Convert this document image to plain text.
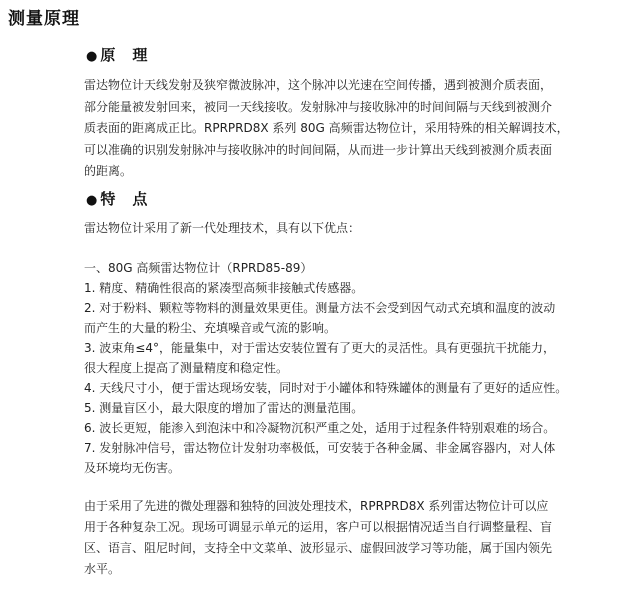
测量原理
● 原　理
雷达物位计天线发射及狭窄微波脉冲，这个脉冲以光速在空间传播，遇到被测介质表面，
部分能量被发射回来，被同一天线接收。发射脉冲与接收脉冲的时间间隔与天线到被测介
质表面的距离成正比。RPRPRD8X 系列 80G 高频雷达物位计，采用特殊的相关解调技术，
可以准确的识别发射脉冲与接收脉冲的时间间隔，从而进一步计算出天线到被测介质表面
的距离。
● 特　点
雷达物位计采用了新一代处理技术，具有以下优点：
一、80G 高频雷达物位计（RPRD85-89）
1. 精度、精确性很高的紧凑型高频非接触式传感器。
2. 对于粉料、颗粒等物料的测量效果更佳。测量方法不会受到因气动式充填和温度的波动
而产生的大量的粉尘、充填噪音或气流的影响。
3. 波束角≤4°，能量集中，对于雷达安装位置有了更大的灵活性。具有更强抗干扰能力，
很大程度上提高了测量精度和稳定性。
4. 天线尺寸小，便于雷达现场安装，同时对于小罐体和特殊罐体的测量有了更好的适应性。
5. 测量盲区小，最大限度的增加了雷达的测量范围。
6. 波长更短，能渗入到泡沫中和冷凝物沉积严重之处，适用于过程条件特别艰难的场合。
7. 发射脉冲信号，雷达物位计发射功率极低，可安装于各种金属、非金属容器内，对人体
及环境均无伤害。
由于采用了先进的微处理器和独特的回波处理技术，RPRPRD8X 系列雷达物位计可以应
用于各种复杂工况。现场可调显示单元的运用，客户可以根据情况适当自行调整量程、盲
区、语言、阻尼时间，支持全中文菜单、波形显示、虚假回波学习等功能，属于国内领先
水平。
